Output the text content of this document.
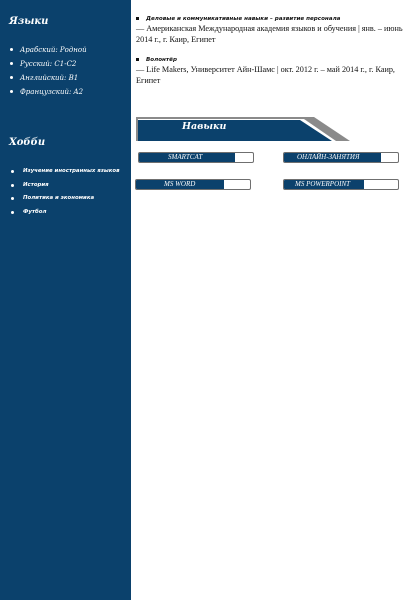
Языки
Арабский: Родной
Русский: C1-C2
Английский: B1
Французский: A2
Хобби
Изучение иностранных языков
История
Политика и экономика
Футбол
Деловые и коммуникативные навыки – развитие персонала
— Американская Международная академия языков и обучения | янв. – июнь 2014 г., г. Каир, Египет
Волонтёр
— Life Makers, Университет Айн-Шамс | окт. 2012 г. – май 2014 г., г. Каир, Египет
Навыки
SMARTCAT	ОНЛАЙН-ЗАНЯТИЯ
MS WORD	MS POWERPOINT
